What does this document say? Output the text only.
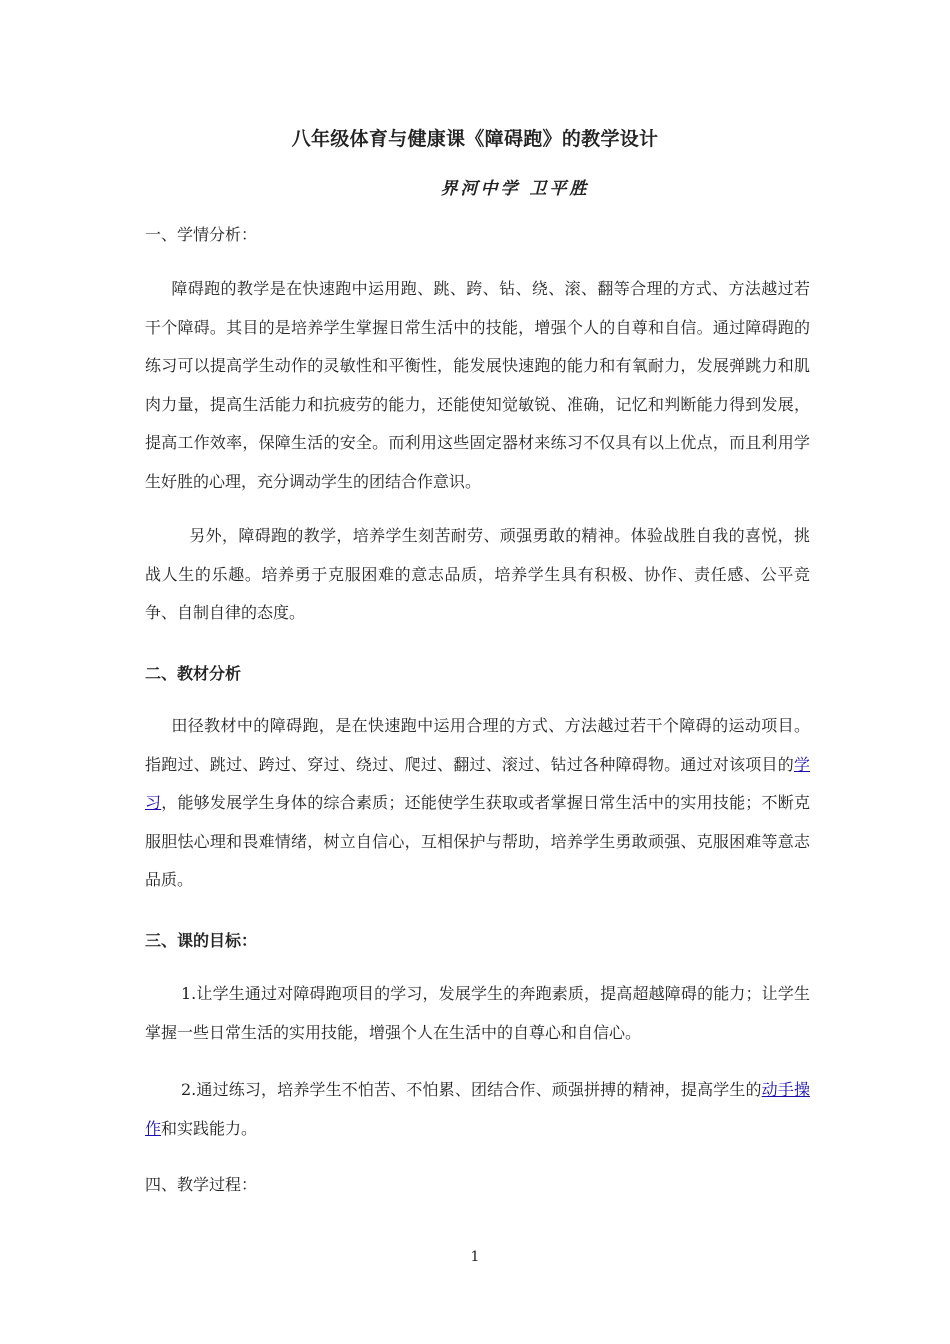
八年级体育与健康课《障碍跑》的教学设计
界河中学 卫平胜
一、学情分析：
障碍跑的教学是在快速跑中运用跑、跳、跨、钻、绕、滚、翻等合理的方式、方法越过若干个障碍。其目的是培养学生掌握日常生活中的技能，增强个人的自尊和自信。通过障碍跑的练习可以提高学生动作的灵敏性和平衡性，能发展快速跑的能力和有氧耐力，发展弹跳力和肌肉力量，提高生活能力和抗疲劳的能力，还能使知觉敏锐、准确，记忆和判断能力得到发展，提高工作效率，保障生活的安全。而利用这些固定器材来练习不仅具有以上优点，而且利用学生好胜的心理，充分调动学生的团结合作意识。
另外，障碍跑的教学，培养学生刻苦耐劳、顽强勇敢的精神。体验战胜自我的喜悦，挑战人生的乐趣。培养勇于克服困难的意志品质，培养学生具有积极、协作、责任感、公平竞争、自制自律的态度。
二、教材分析
田径教材中的障碍跑，是在快速跑中运用合理的方式、方法越过若干个障碍的运动项目。指跑过、跳过、跨过、穿过、绕过、爬过、翻过、滚过、钻过各种障碍物。通过对该项目的学习，能够发展学生身体的综合素质；还能使学生获取或者掌握日常生活中的实用技能；不断克服胆怯心理和畏难情绪，树立自信心，互相保护与帮助，培养学生勇敢顽强、克服困难等意志品质。
三、课的目标：
1.让学生通过对障碍跑项目的学习，发展学生的奔跑素质，提高超越障碍的能力；让学生掌握一些日常生活的实用技能，增强个人在生活中的自尊心和自信心。
2.通过练习，培养学生不怕苦、不怕累、团结合作、顽强拼搏的精神，提高学生的动手操作和实践能力。
四、教学过程：
1
